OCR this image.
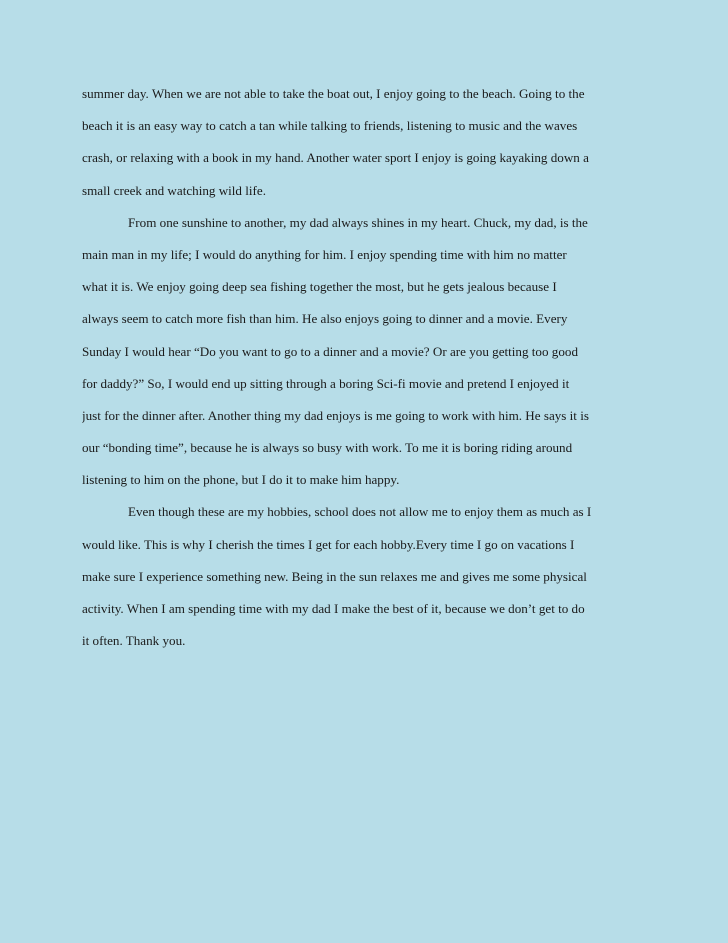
summer day. When we are not able to take the boat out, I enjoy going to the beach. Going to the
beach it is an easy way to catch a tan while talking to friends, listening to music and the waves
crash, or relaxing with a book in my hand. Another water sport I enjoy is going kayaking down a
small creek and watching wild life.
From one sunshine to another, my dad always shines in my heart. Chuck, my dad, is the
main man in my life; I would do anything for him. I enjoy spending time with him no matter
what it is. We enjoy going deep sea fishing together the most, but he gets jealous because I
always seem to catch more fish than him. He also enjoys going to dinner and a movie. Every
Sunday I would hear “Do you want to go to a dinner and a movie? Or are you getting too good
for daddy?” So, I would end up sitting through a boring Sci-fi movie and pretend I enjoyed it
just for the dinner after. Another thing my dad enjoys is me going to work with him. He says it is
our “bonding time”, because he is always so busy with work. To me it is boring riding around
listening to him on the phone, but I do it to make him happy.
Even though these are my hobbies, school does not allow me to enjoy them as much as I
would like. This is why I cherish the times I get for each hobby.Every time I go on vacations I
make sure I experience something new. Being in the sun relaxes me and gives me some physical
activity. When I am spending time with my dad I make the best of it, because we don’t get to do
it often. Thank you.
